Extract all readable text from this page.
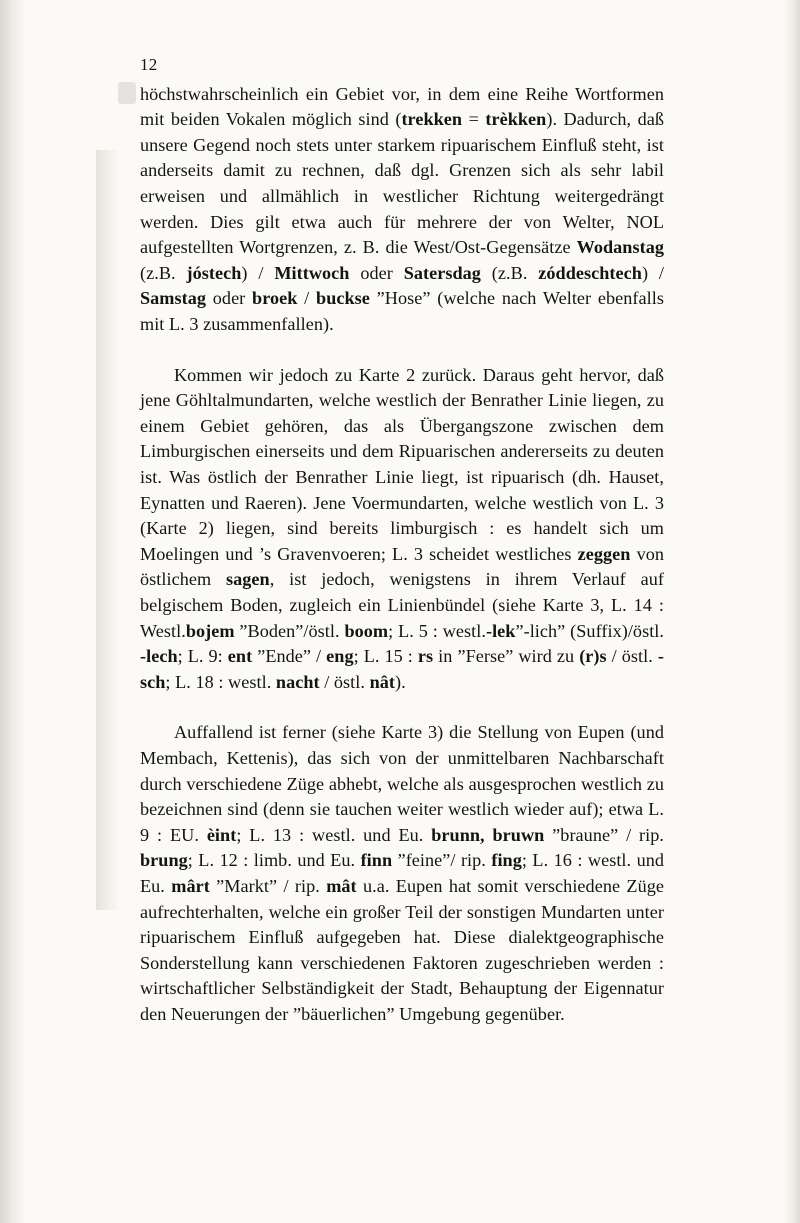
12

höchstwahrscheinlich ein Gebiet vor, in dem eine Reihe Wortformen mit beiden Vokalen möglich sind (trekken = trèkken). Dadurch, daß unsere Gegend noch stets unter starkem ripuarischem Einfluß steht, ist anderseits damit zu rechnen, daß dgl. Grenzen sich als sehr labil erweisen und allmählich in westlicher Richtung weitergedrängt werden. Dies gilt etwa auch für mehrere der von Welter, NOL aufgestellten Wortgrenzen, z. B. die West/Ost-Gegensätze Wodanstag (z.B. jóstech) / Mittwoch oder Satersdag (z.B. zóddeschtech) / Samstag oder broek / buckse ”Hose” (welche nach Welter ebenfalls mit L. 3 zusammenfallen).

Kommen wir jedoch zu Karte 2 zurück. Daraus geht hervor, daß jene Göhltalmundarten, welche westlich der Benrather Linie liegen, zu einem Gebiet gehören, das als Übergangszone zwischen dem Limburgischen einerseits und dem Ripuarischen andererseits zu deuten ist. Was östlich der Benrather Linie liegt, ist ripuarisch (dh. Hauset, Eynatten und Raeren). Jene Voermundarten, welche westlich von L. 3 (Karte 2) liegen, sind bereits limburgisch : es handelt sich um Moelingen und ’s Gravenvoeren; L. 3 scheidet westliches zeggen von östlichem sagen, ist jedoch, wenigstens in ihrem Verlauf auf belgischem Boden, zugleich ein Linienbündel (siehe Karte 3, L. 14 : Westl.bojem ”Boden”/östl. boom; L. 5 : westl.-lek”-lich” (Suffix)/östl. -lech; L. 9: ent ”Ende” / eng; L. 15 : rs in ”Ferse” wird zu (r)s / östl. -sch; L. 18 : westl. nacht / östl. nât).

Auffallend ist ferner (siehe Karte 3) die Stellung von Eupen (und Membach, Kettenis), das sich von der unmittelbaren Nachbarschaft durch verschiedene Züge abhebt, welche als ausgesprochen westlich zu bezeichnen sind (denn sie tauchen weiter westlich wieder auf); etwa L. 9 : EU. èint; L. 13 : westl. und Eu. brunn, bruwn ”braune” / rip. brung; L. 12 : limb. und Eu. finn ”feine”/ rip. fing; L. 16 : westl. und Eu. mârt ”Markt” / rip. mât u.a. Eupen hat somit verschiedene Züge aufrechterhalten, welche ein großer Teil der sonstigen Mundarten unter ripuarischem Einfluß aufgegeben hat. Diese dialektgeographische Sonderstellung kann verschiedenen Faktoren zugeschrieben werden : wirtschaftlicher Selbständigkeit der Stadt, Behauptung der Eigennatur den Neuerungen der ”bäuerlichen” Umgebung gegenüber.
